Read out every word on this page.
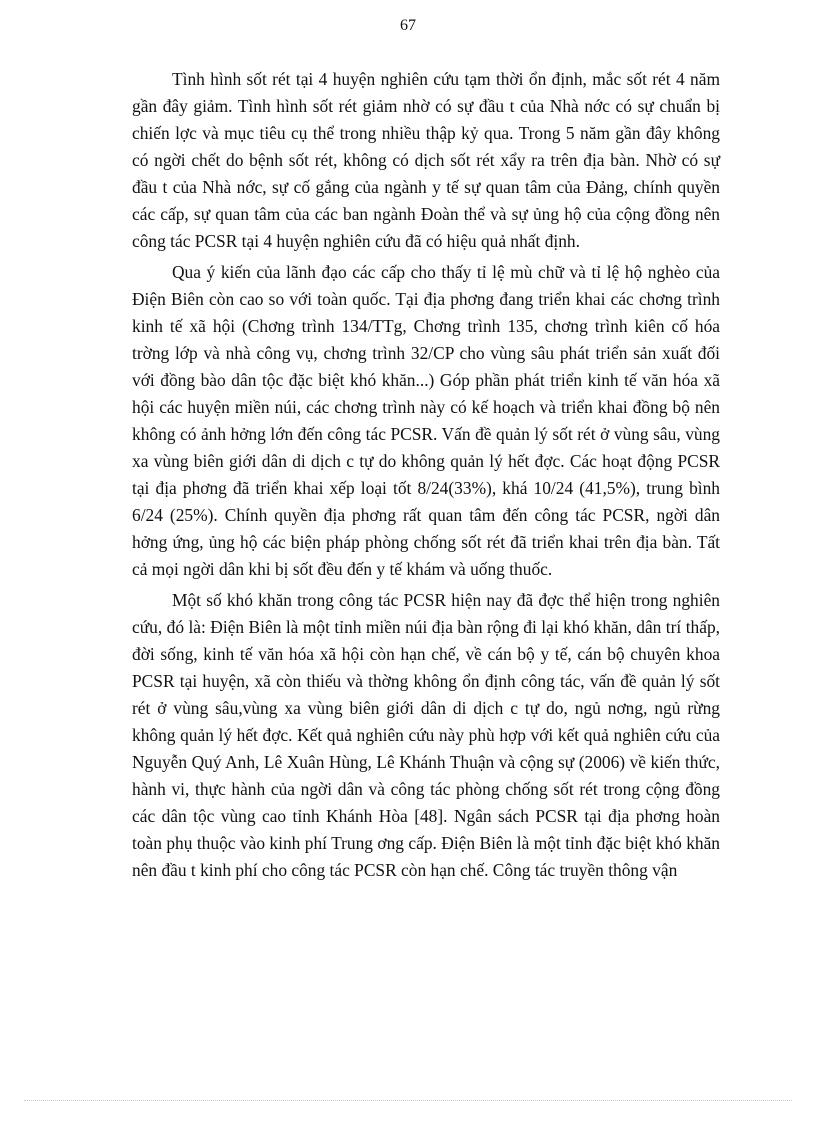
67

Tình hình sốt rét tại 4 huyện nghiên cứu tạm thời ổn định, mắc sốt rét 4 năm gần đây giảm. Tình hình sốt rét giảm nhờ có sự đầu t của Nhà nớc có sự chuẩn bị chiến lợc và mục tiêu cụ thể trong nhiều thập kỷ qua. Trong 5 năm gần đây không có ngời chết do bệnh sốt rét, không có dịch sốt rét xẩy ra trên địa bàn. Nhờ có sự đầu t của Nhà nớc, sự cố gắng của ngành y tế sự quan tâm của Đảng, chính quyền các cấp, sự quan tâm của các ban ngành Đoàn thể và sự ủng hộ của cộng đồng nên công tác PCSR tại 4 huyện nghiên cứu đã có hiệu quả nhất định.

Qua ý kiến của lãnh đạo các cấp cho thấy tỉ lệ mù chữ và tỉ lệ hộ nghèo của Điện Biên còn cao so với toàn quốc. Tại địa phơng đang triển khai các chơng trình kinh tế xã hội (Chơng trình 134/TTg, Chơng trình 135, chơng trình kiên cố hóa trờng lớp và nhà công vụ, chơng trình 32/CP cho vùng sâu phát triển sản xuất đối với đồng bào dân tộc đặc biệt khó khăn...) Góp phần phát triển kinh tế văn hóa xã hội các huyện miền núi, các chơng trình này có kế hoạch và triển khai đồng bộ nên không có ảnh hởng lớn đến công tác PCSR. Vấn đề quản lý sốt rét ở vùng sâu, vùng xa vùng biên giới dân di dịch c tự do không quản lý hết đợc. Các hoạt động PCSR tại địa phơng đã triển khai xếp loại tốt 8/24(33%), khá 10/24 (41,5%), trung bình 6/24 (25%). Chính quyền địa phơng rất quan tâm đến công tác PCSR, ngời dân hởng ứng, ủng hộ các biện pháp phòng chống sốt rét đã triển khai trên địa bàn. Tất cả mọi ngời dân khi bị sốt đều đến y tế khám và uống thuốc.

Một số khó khăn trong công tác PCSR hiện nay đã đợc thể hiện trong nghiên cứu, đó là: Điện Biên là một tỉnh miền núi địa bàn rộng đi lại khó khăn, dân trí thấp, đời sống, kinh tế văn hóa xã hội còn hạn chế, về cán bộ y tế, cán bộ chuyên khoa PCSR tại huyện, xã còn thiếu và thờng không ổn định công tác, vấn đề quản lý sốt rét ở vùng sâu,vùng xa vùng biên giới dân di dịch c tự do, ngủ nơng, ngủ rừng không quản lý hết đợc. Kết quả nghiên cứu này phù hợp với kết quả nghiên cứu của Nguyễn Quý Anh, Lê Xuân Hùng, Lê Khánh Thuận và cộng sự (2006) về kiến thức, hành vi, thực hành của ngời dân và công tác phòng chống sốt rét trong cộng đồng các dân tộc vùng cao tỉnh Khánh Hòa [48]. Ngân sách PCSR tại địa phơng hoàn toàn phụ thuộc vào kinh phí Trung ơng cấp. Điện Biên là một tỉnh đặc biệt khó khăn nên đầu t kinh phí cho công tác PCSR còn hạn chế. Công tác truyền thông vận
